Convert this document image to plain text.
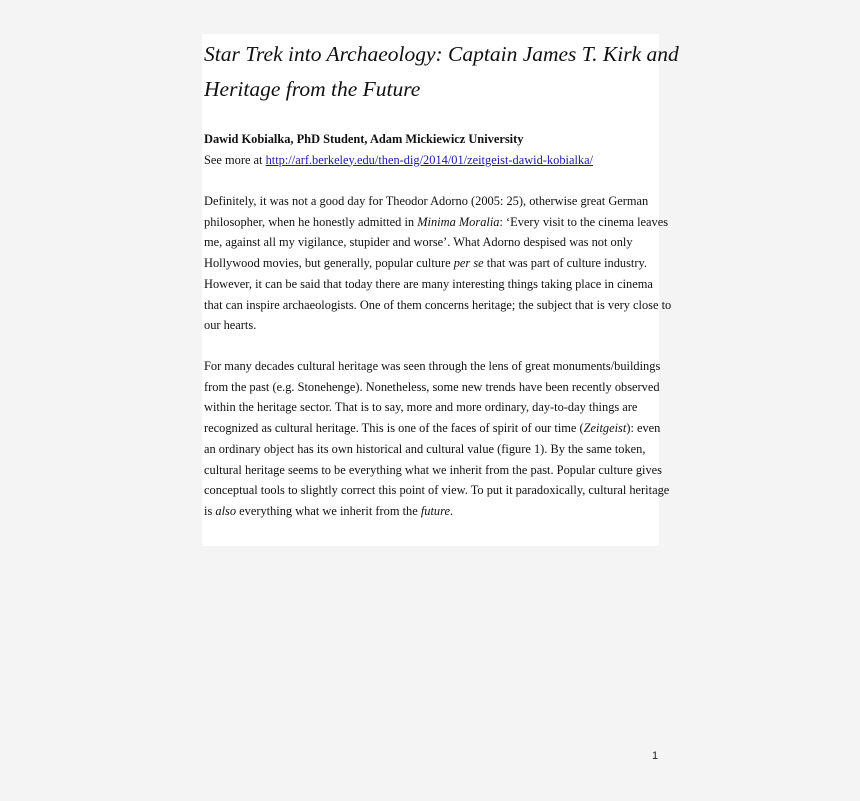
Star Trek into Archaeology: Captain James T. Kirk and
Heritage from the Future
Dawid Kobialka, PhD Student, Adam Mickiewicz University
See more at http://arf.berkeley.edu/then-dig/2014/01/zeitgeist-dawid-kobialka/

Definitely, it was not a good day for Theodor Adorno (2005: 25), otherwise great German
philosopher, when he honestly admitted in Minima Moralia: ‘Every visit to the cinema leaves
me, against all my vigilance, stupider and worse’. What Adorno despised was not only
Hollywood movies, but generally, popular culture per se that was part of culture industry.
However, it can be said that today there are many interesting things taking place in cinema
that can inspire archaeologists. One of them concerns heritage; the subject that is very close to
our hearts.

For many decades cultural heritage was seen through the lens of great monuments/buildings
from the past (e.g. Stonehenge). Nonetheless, some new trends have been recently observed
within the heritage sector. That is to say, more and more ordinary, day-to-day things are
recognized as cultural heritage. This is one of the faces of spirit of our time (Zeitgeist): even
an ordinary object has its own historical and cultural value (figure 1). By the same token,
cultural heritage seems to be everything what we inherit from the past. Popular culture gives
conceptual tools to slightly correct this point of view. To put it paradoxically, cultural heritage
is also everything what we inherit from the future.

1
